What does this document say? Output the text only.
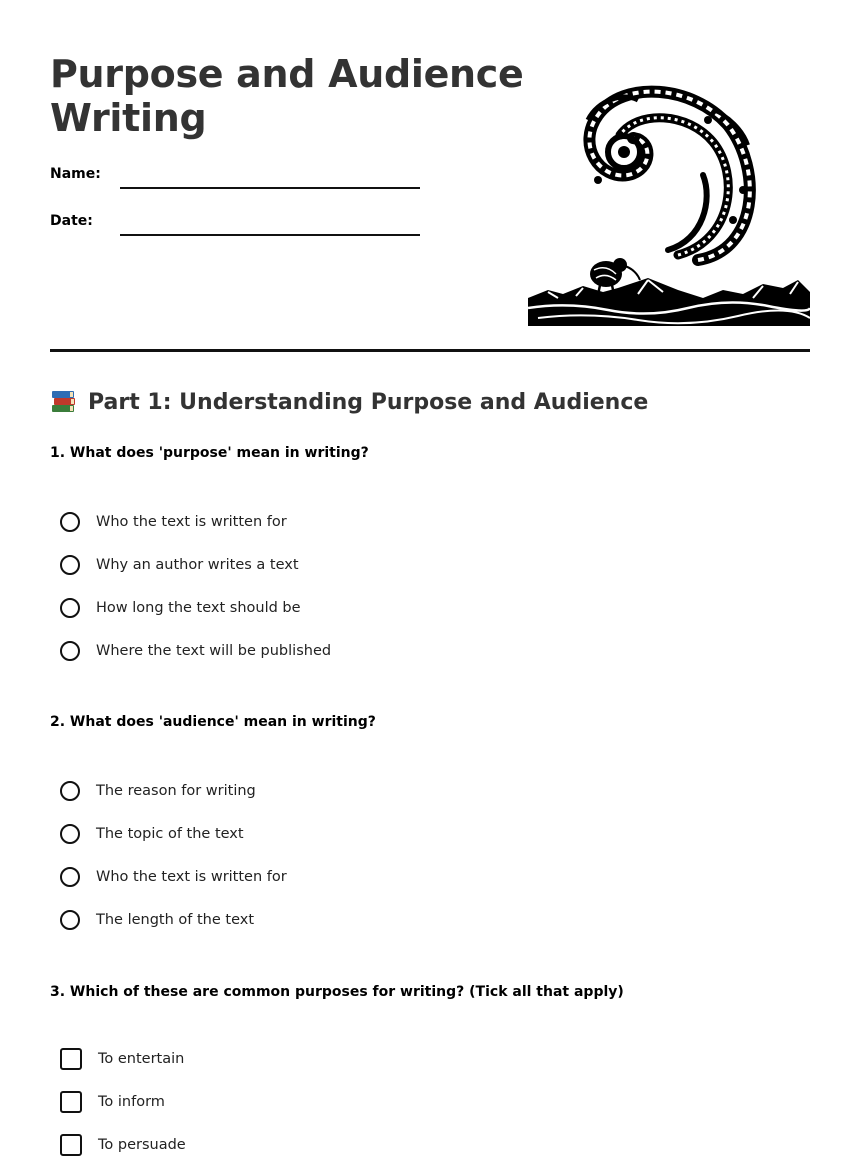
Purpose and Audience
Writing
Name:
Date:
Part 1: Understanding Purpose and Audience
1. What does 'purpose' mean in writing?
Who the text is written for
Why an author writes a text
How long the text should be
Where the text will be published
2. What does 'audience' mean in writing?
The reason for writing
The topic of the text
Who the text is written for
The length of the text
3. Which of these are common purposes for writing? (Tick all that apply)
To entertain
To inform
To persuade
